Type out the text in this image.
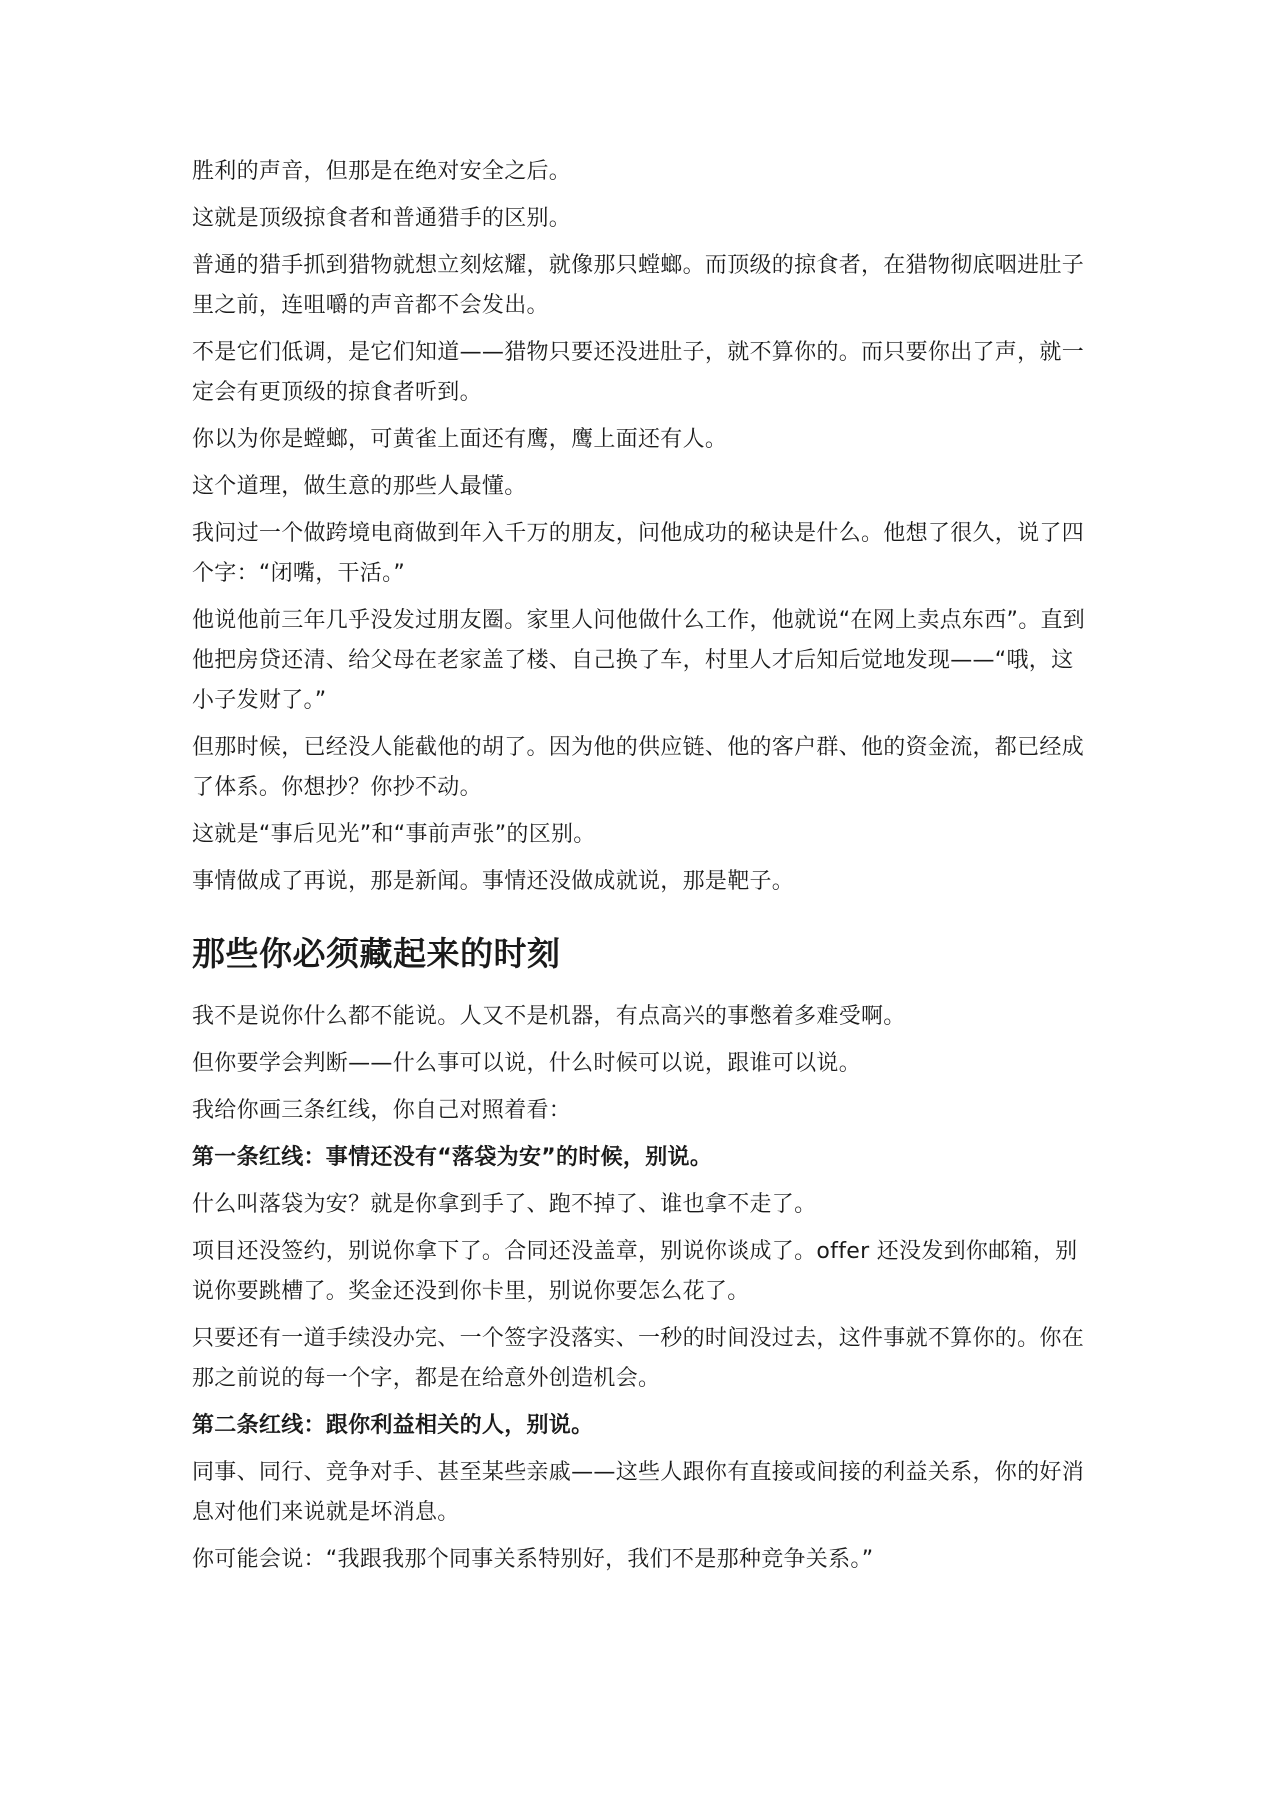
胜利的声音，但那是在绝对安全之后。

这就是顶级掠食者和普通猎手的区别。

普通的猎手抓到猎物就想立刻炫耀，就像那只螳螂。而顶级的掠食者，在猎物彻底咽进肚子里之前，连咀嚼的声音都不会发出。

不是它们低调，是它们知道——猎物只要还没进肚子，就不算你的。而只要你出了声，就一定会有更顶级的掠食者听到。

你以为你是螳螂，可黄雀上面还有鹰，鹰上面还有人。

这个道理，做生意的那些人最懂。

我问过一个做跨境电商做到年入千万的朋友，问他成功的秘诀是什么。他想了很久，说了四个字：“闭嘴，干活。”

他说他前三年几乎没发过朋友圈。家里人问他做什么工作，他就说“在网上卖点东西”。直到他把房贷还清、给父母在老家盖了楼、自己换了车，村里人才后知后觉地发现——“哦，这小子发财了。”

但那时候，已经没人能截他的胡了。因为他的供应链、他的客户群、他的资金流，都已经成了体系。你想抄？你抄不动。

这就是“事后见光”和“事前声张”的区别。

事情做成了再说，那是新闻。事情还没做成就说，那是靶子。

那些你必须藏起来的时刻

我不是说你什么都不能说。人又不是机器，有点高兴的事憋着多难受啊。

但你要学会判断——什么事可以说，什么时候可以说，跟谁可以说。

我给你画三条红线，你自己对照着看：

第一条红线：事情还没有“落袋为安”的时候，别说。

什么叫落袋为安？就是你拿到手了、跑不掉了、谁也拿不走了。

项目还没签约，别说你拿下了。合同还没盖章，别说你谈成了。offer 还没发到你邮箱，别说你要跳槽了。奖金还没到你卡里，别说你要怎么花了。

只要还有一道手续没办完、一个签字没落实、一秒的时间没过去，这件事就不算你的。你在那之前说的每一个字，都是在给意外创造机会。

第二条红线：跟你利益相关的人，别说。

同事、同行、竞争对手、甚至某些亲戚——这些人跟你有直接或间接的利益关系，你的好消息对他们来说就是坏消息。

你可能会说：“我跟我那个同事关系特别好，我们不是那种竞争关系。”
